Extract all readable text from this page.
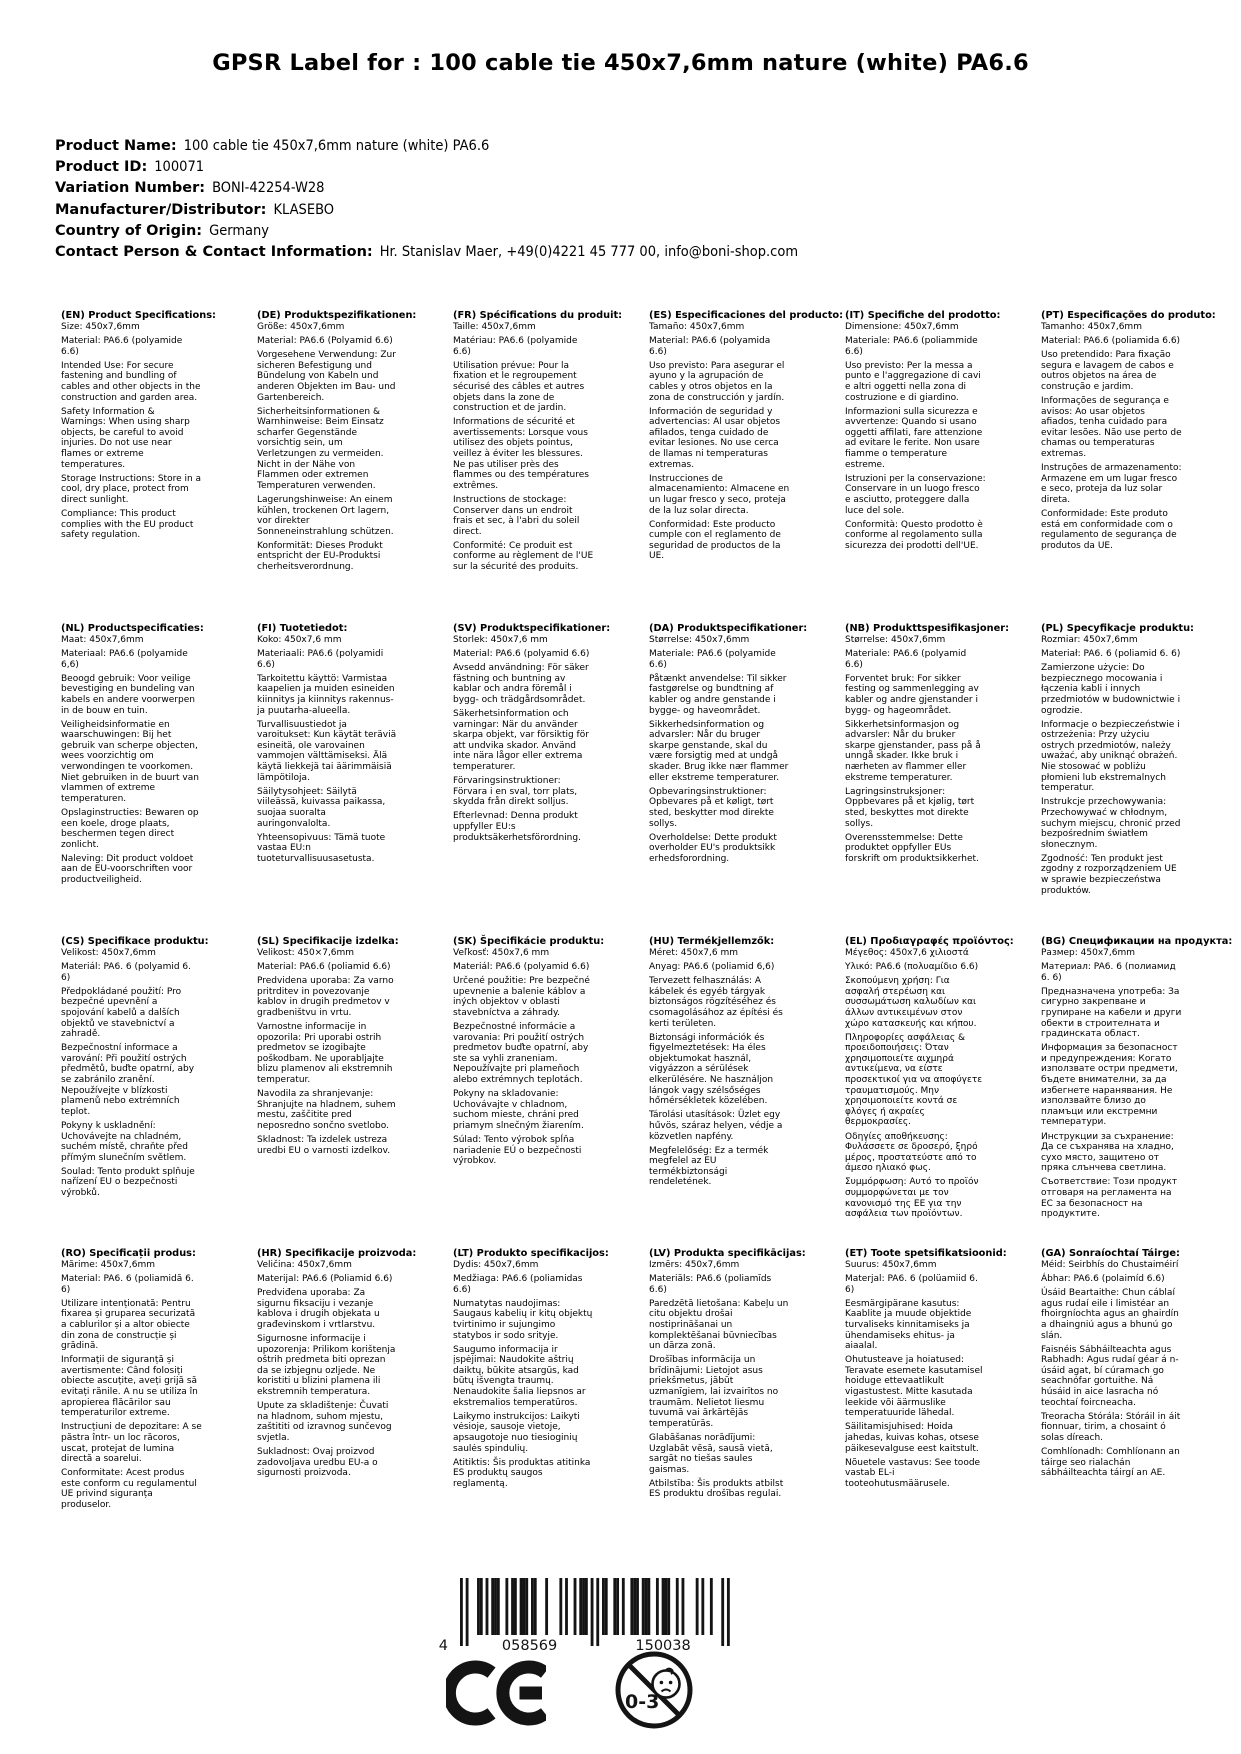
GPSR Label for : 100 cable tie 450x7,6mm nature (white) PA6.6
Product Name: 100 cable tie 450x7,6mm nature (white) PA6.6
Product ID: 100071
Variation Number: BONI-42254-W28
Manufacturer/Distributor: KLASEBO
Country of Origin: Germany
Contact Person & Contact Information: Hr. Stanislav Maer, +49(0)4221 45 777 00, info@boni-shop.com
(EN) Product Specifications:

Size: 450x7,6mm

Material: PA6.6 (polyamide 6.6)

Intended Use: For secure fastening and bundling of cables and other objects in the construction and garden area.

Safety Information & Warnings: When using sharp objects, be careful to avoid injuries. Do not use near flames or extreme temperatures.

Storage Instructions: Store in a cool, dry place, protect from direct sunlight.

Compliance: This product complies with the EU product safety regulation.

(DE) Produktspezifikationen:

Größe: 450x7,6mm

Material: PA6.6 (Polyamid 6.6)

Vorgesehene Verwendung: Zur sicheren Befestigung und Bündelung von Kabeln und anderen Objekten im Bau- und Gartenbereich.

Sicherheitsinformationen & Warnhinweise: Beim Einsatz scharfer Gegenstände vorsichtig sein, um Verletzungen zu vermeiden. Nicht in der Nähe von Flammen oder extremen Temperaturen verwenden.

Lagerungshinweise: An einem kühlen, trockenen Ort lagern, vor direkter Sonneneinstrahlung schützen.

Konformität: Dieses Produkt entspricht der EU-Produktsi cherheitsverordnung.

(FR) Spécifications du produit:

Taille: 450x7,6mm

Matériau: PA6.6 (polyamide 6.6)

Utilisation prévue: Pour la fixation et le regroupement sécurisé des câbles et autres objets dans la zone de construction et de jardin.

Informations de sécurité et avertissements: Lorsque vous utilisez des objets pointus, veillez à éviter les blessures. Ne pas utiliser près des flammes ou des températures extrêmes.

Instructions de stockage: Conserver dans un endroit frais et sec, à l'abri du soleil direct.

Conformité: Ce produit est conforme au règlement de l'UE sur la sécurité des produits.

(ES) Especificaciones del producto:

Tamaño: 450x7,6mm

Material: PA6.6 (polyamida 6.6)

Uso previsto: Para asegurar el ayuno y la agrupación de cables y otros objetos en la zona de construcción y jardín.

Información de seguridad y advertencias: Al usar objetos afilados, tenga cuidado de evitar lesiones. No use cerca de llamas ni temperaturas extremas.

Instrucciones de almacenamiento: Almacene en un lugar fresco y seco, proteja de la luz solar directa.

Conformidad: Este producto cumple con el reglamento de seguridad de productos de la UE.

(IT) Specifiche del prodotto:

Dimensione: 450x7,6mm

Materiale: PA6.6 (poliammide 6.6)

Uso previsto: Per la messa a punto e l'aggregazione di cavi e altri oggetti nella zona di costruzione e di giardino.

Informazioni sulla sicurezza e avvertenze: Quando si usano oggetti affilati, fare attenzione ad evitare le ferite. Non usare fiamme o temperature estreme.

Istruzioni per la conservazione: Conservare in un luogo fresco e asciutto, proteggere dalla luce del sole.

Conformità: Questo prodotto è conforme al regolamento sulla sicurezza dei prodotti dell'UE.

(PT) Especificações do produto:

Tamanho: 450x7,6mm

Material: PA6.6 (poliamida 6.6)

Uso pretendido: Para fixação segura e lavagem de cabos e outros objetos na área de construção e jardim.

Informações de segurança e avisos: Ao usar objetos afiados, tenha cuidado para evitar lesões. Não use perto de chamas ou temperaturas extremas.

Instruções de armazenamento: Armazene em um lugar fresco e seco, proteja da luz solar direta.

Conformidade: Este produto está em conformidade com o regulamento de segurança de produtos da UE.

(NL) Productspecificaties:

Maat: 450x7,6mm

Materiaal: PA6.6 (polyamide 6,6)

Beoogd gebruik: Voor veilige bevestiging en bundeling van kabels en andere voorwerpen in de bouw en tuin.

Veiligheidsinformatie en waarschuwingen: Bij het gebruik van scherpe objecten, wees voorzichtig om verwondingen te voorkomen. Niet gebruiken in de buurt van vlammen of extreme temperaturen.

Opslaginstructies: Bewaren op een koele, droge plaats, beschermen tegen direct zonlicht.

Naleving: Dit product voldoet aan de EU-voorschriften voor productveiligheid.

(FI) Tuotetiedot:

Koko: 450x7,6 mm

Materiaali: PA6.6 (polyamidi 6.6)

Tarkoitettu käyttö: Varmistaa kaapelien ja muiden esineiden kiinnitys ja kiinnitys rakennus- ja puutarha-alueella.

Turvallisuustiedot ja varoitukset: Kun käytät teräviä esineitä, ole varovainen vammojen välttämiseksi. Älä käytä liekkejä tai äärimmäisiä lämpötiloja.

Säilytysohjeet: Säilytä viileässä, kuivassa paikassa, suojaa suoralta auringonvalolta.

Yhteensopivuus: Tämä tuote vastaa EU:n tuoteturvallisuusasetusta.

(SV) Produktspecifikationer:

Storlek: 450x7,6 mm

Material: PA6.6 (polyamid 6.6)

Avsedd användning: För säker fästning och buntning av kablar och andra föremål i bygg- och trädgårdsområdet.

Säkerhetsinformation och varningar: När du använder skarpa objekt, var försiktig för att undvika skador. Använd inte nära lågor eller extrema temperaturer.

Förvaringsinstruktioner: Förvara i en sval, torr plats, skydda från direkt solljus.

Efterlevnad: Denna produkt uppfyller EU:s produktsäkerhetsförordning.

(DA) Produktspecifikationer:

Størrelse: 450x7,6mm

Materiale: PA6.6 (polyamide 6.6)

Påtænkt anvendelse: Til sikker fastgørelse og bundtning af kabler og andre genstande i bygge- og haveområdet.

Sikkerhedsinformation og advarsler: Når du bruger skarpe genstande, skal du være forsigtig med at undgå skader. Brug ikke nær flammer eller ekstreme temperaturer.

Opbevaringsinstruktioner: Opbevares på et køligt, tørt sted, beskytter mod direkte sollys.

Overholdelse: Dette produkt overholder EU's produktsikk erhedsforordning.

(NB) Produkttspesifikasjoner:

Størrelse: 450x7,6mm

Materiale: PA6.6 (polyamid 6.6)

Forventet bruk: For sikker festing og sammenlegging av kabler og andre gjenstander i bygg- og hageområdet.

Sikkerhetsinformasjon og advarsler: Når du bruker skarpe gjenstander, pass på å unngå skader. Ikke bruk i nærheten av flammer eller ekstreme temperaturer.

Lagringsinstruksjoner: Oppbevares på et kjølig, tørt sted, beskyttes mot direkte sollys.

Overensstemmelse: Dette produktet oppfyller EUs forskrift om produktsikkerhet.

(PL) Specyfikacje produktu:

Rozmiar: 450x7,6mm

Materiał: PA6. 6 (poliamid 6. 6)

Zamierzone użycie: Do bezpiecznego mocowania i łączenia kabli i innych przedmiotów w budownictwie i ogrodzie.

Informacje o bezpieczeństwie i ostrzeżenia: Przy użyciu ostrych przedmiotów, należy uważać, aby uniknąć obrażeń. Nie stosować w pobliżu płomieni lub ekstremalnych temperatur.

Instrukcje przechowywania: Przechowywać w chłodnym, suchym miejscu, chronić przed bezpośrednim światłem słonecznym.

Zgodność: Ten produkt jest zgodny z rozporządzeniem UE w sprawie bezpieczeństwa produktów.

(CS) Specifikace produktu:

Velikost: 450x7,6mm

Materiál: PA6. 6 (polyamid 6. 6)

Předpokládané použití: Pro bezpečné upevnění a spojování kabelů a dalších objektů ve stavebnictví a zahradě.

Bezpečnostní informace a varování: Při použití ostrých předmětů, buďte opatrní, aby se zabránilo zranění. Nepoužívejte v blízkosti plamenů nebo extrémních teplot.

Pokyny k uskladnění: Uchovávejte na chladném, suchém místě, chraňte před přímým slunečním světlem.

Soulad: Tento produkt splňuje nařízení EU o bezpečnosti výrobků.

(SL) Specifikacije izdelka:

Velikost: 450×7,6mm

Material: PA6.6 (poliamid 6.6)

Predvidena uporaba: Za varno pritrditev in povezovanje kablov in drugih predmetov v gradbeništvu in vrtu.

Varnostne informacije in opozorila: Pri uporabi ostrih predmetov se izogibajte poškodbam. Ne uporabljajte blizu plamenov ali ekstremnih temperatur.

Navodila za shranjevanje: Shranjujte na hladnem, suhem mestu, zaščitite pred neposredno sončno svetlobo.

Skladnost: Ta izdelek ustreza uredbi EU o varnosti izdelkov.

(SK) Špecifikácie produktu:

Veľkosť: 450x7,6 mm

Materiál: PA6.6 (polyamid 6.6)

Určené použitie: Pre bezpečné upevnenie a balenie káblov a iných objektov v oblasti stavebníctva a záhrady.

Bezpečnostné informácie a varovania: Pri použití ostrých predmetov buďte opatrní, aby ste sa vyhli zraneniam. Nepoužívajte pri plameňoch alebo extrémnych teplotách.

Pokyny na skladovanie: Uchovávajte v chladnom, suchom mieste, chráni pred priamym slnečným žiarením.

Súlad: Tento výrobok spĺňa nariadenie EÚ o bezpečnosti výrobkov.

(HU) Termékjellemzők:

Méret: 450x7,6 mm

Anyag: PA6.6 (poliamid 6,6)

Tervezett felhasználás: A kábelek és egyéb tárgyak biztonságos rögzítéséhez és csomagolásához az építési és kerti területen.

Biztonsági információk és figyelmeztetések: Ha éles objektumokat használ, vigyázzon a sérülések elkerülésére. Ne használjon lángok vagy szélsőséges hőmérsékletek közelében.

Tárolási utasítások: Üzlet egy hűvös, száraz helyen, védje a közvetlen napfény.

Megfelelőség: Ez a termék megfelel az EU termékbiztonsági rendeletének.

(EL) Προδιαγραφές προϊόντος:

Μέγεθος: 450x7,6 χιλιοστά

Υλικό: PA6.6 (πολυαμίδιο 6.6)

Σκοπούμενη χρήση: Για ασφαλή στερέωση και συσσωμάτωση καλωδίων και άλλων αντικειμένων στον χώρο κατασκευής και κήπου.

Πληροφορίες ασφάλειας & προειδοποιήσεις: Όταν χρησιμοποιείτε αιχμηρά αντικείμενα, να είστε προσεκτικοί για να αποφύγετε τραυματισμούς. Μην χρησιμοποιείτε κοντά σε φλόγες ή ακραίες θερμοκρασίες.

Οδηγίες αποθήκευσης: Φυλάσσετε σε δροσερό, ξηρό μέρος, προστατεύστε από το άμεσο ηλιακό φως.

Συμμόρφωση: Αυτό το προϊόν συμμορφώνεται με τον κανονισμό της ΕΕ για την ασφάλεια των προϊόντων.

(BG) Спецификации на продукта:

Размер: 450x7,6mm

Материал: PA6. 6 (полиамид 6. 6)

Предназначена употреба: За сигурно закрепване и групиране на кабели и други обекти в строителната и градинската област.

Информация за безопасност и предупреждения: Когато използвате остри предмети, бъдете внимателни, за да избегнете наранявания. Не използвайте близо до пламъци или екстремни температури.

Инструкции за съхранение: Да се съхранява на хладно, сухо място, защитено от пряка слънчева светлина.

Съответствие: Този продукт отговаря на регламента на ЕС за безопасност на продуктите.

(RO) Specificații produs:

Mărime: 450x7,6mm

Material: PA6. 6 (poliamidă 6. 6)

Utilizare intenționată: Pentru fixarea și gruparea securizată a cablurilor și a altor obiecte din zona de construcție și grădină.

Informații de siguranță și avertismente: Când folosiți obiecte ascuțite, aveți grijă să evitați rănile. A nu se utiliza în apropierea flăcărilor sau temperaturilor extreme.

Instrucțiuni de depozitare: A se păstra într- un loc răcoros, uscat, protejat de lumina directă a soarelui.

Conformitate: Acest produs este conform cu regulamentul UE privind siguranța produselor.

(HR) Specifikacije proizvoda:

Veličina: 450x7,6mm

Materijal: PA6.6 (Poliamid 6.6)

Predviđena uporaba: Za sigurnu fiksaciju i vezanje kablova i drugih objekata u građevinskom i vrtlarstvu.

Sigurnosne informacije i upozorenja: Prilikom korištenja oštrih predmeta biti oprezan da se izbjegnu ozljede. Ne koristiti u blizini plamena ili ekstremnih temperatura.

Upute za skladištenje: Čuvati na hladnom, suhom mjestu, zaštititi od izravnog sunčevog svjetla.

Sukladnost: Ovaj proizvod zadovoljava uredbu EU-a o sigurnosti proizvoda.

(LT) Produkto specifikacijos:

Dydis: 450x7,6mm

Medžiaga: PA6.6 (poliamidas 6.6)

Numatytas naudojimas: Saugaus kabelių ir kitų objektų tvirtinimo ir sujungimo statybos ir sodo srityje.

Saugumo informacija ir įspėjimai: Naudokite aštrių daiktų, būkite atsargūs, kad būtų išvengta traumų. Nenaudokite šalia liepsnos ar ekstremalios temperatūros.

Laikymo instrukcijos: Laikyti vėsioje, sausoje vietoje, apsaugotoje nuo tiesioginių saulės spindulių.

Atitiktis: Šis produktas atitinka ES produktų saugos reglamentą.

(LV) Produkta specifikācijas:

Izmērs: 450x7,6mm

Materiāls: PA6.6 (poliamīds 6.6)

Paredzētā lietošana: Kabeļu un citu objektu drošai nostiprināšanai un komplektēšanai būvniecības un dārza zonā.

Drošības informācija un brīdinājumi: Lietojot asus priekšmetus, jābūt uzmanīgiem, lai izvairītos no traumām. Nelietot liesmu tuvumā vai ārkārtējās temperatūrās.

Glabāšanas norādījumi: Uzglabāt vēsā, sausā vietā, sargāt no tiešas saules gaismas.

Atbilstība: Šis produkts atbilst ES produktu drošības regulai.

(ET) Toote spetsifikatsioonid:

Suurus: 450x7,6mm

Materjal: PA6. 6 (polüamiid 6. 6)

Eesmärgipärane kasutus: Kaablite ja muude objektide turvaliseks kinnitamiseks ja ühendamiseks ehitus- ja aiaalal.

Ohutusteave ja hoiatused: Teravate esemete kasutamisel hoiduge ettevaatlikult vigastustest. Mitte kasutada leekide või äärmuslike temperatuuride lähedal.

Säilitamisjuhised: Hoida jahedas, kuivas kohas, otsese päikesevalguse eest kaitstult.

Nõuetele vastavus: See toode vastab EL-i tooteohutusmäärusele.

(GA) Sonraíochtaí Táirge:

Méid: Seirbhís do Chustaiméirí

Ábhar: PA6.6 (polaimíd 6.6)

Úsáid Beartaithe: Chun cáblaí agus rudaí eile i limistéar an fhoirgníochta agus an ghairdín a dhaingniú agus a bhunú go slán.

Faisnéis Sábháilteachta agus Rabhadh: Agus rudaí géar á n-úsáid agat, bí cúramach go seachnófar gortuithe. Ná húsáid in aice lasracha nó teochtaí foircneacha.

Treoracha Stórála: Stóráil in áit fionnuar, tirim, a chosaint ó solas díreach.

Comhlíonadh: Comhlíonann an táirge seo rialachán sábháilteachta táirgí an AE.

4	058569	150038
0-3
